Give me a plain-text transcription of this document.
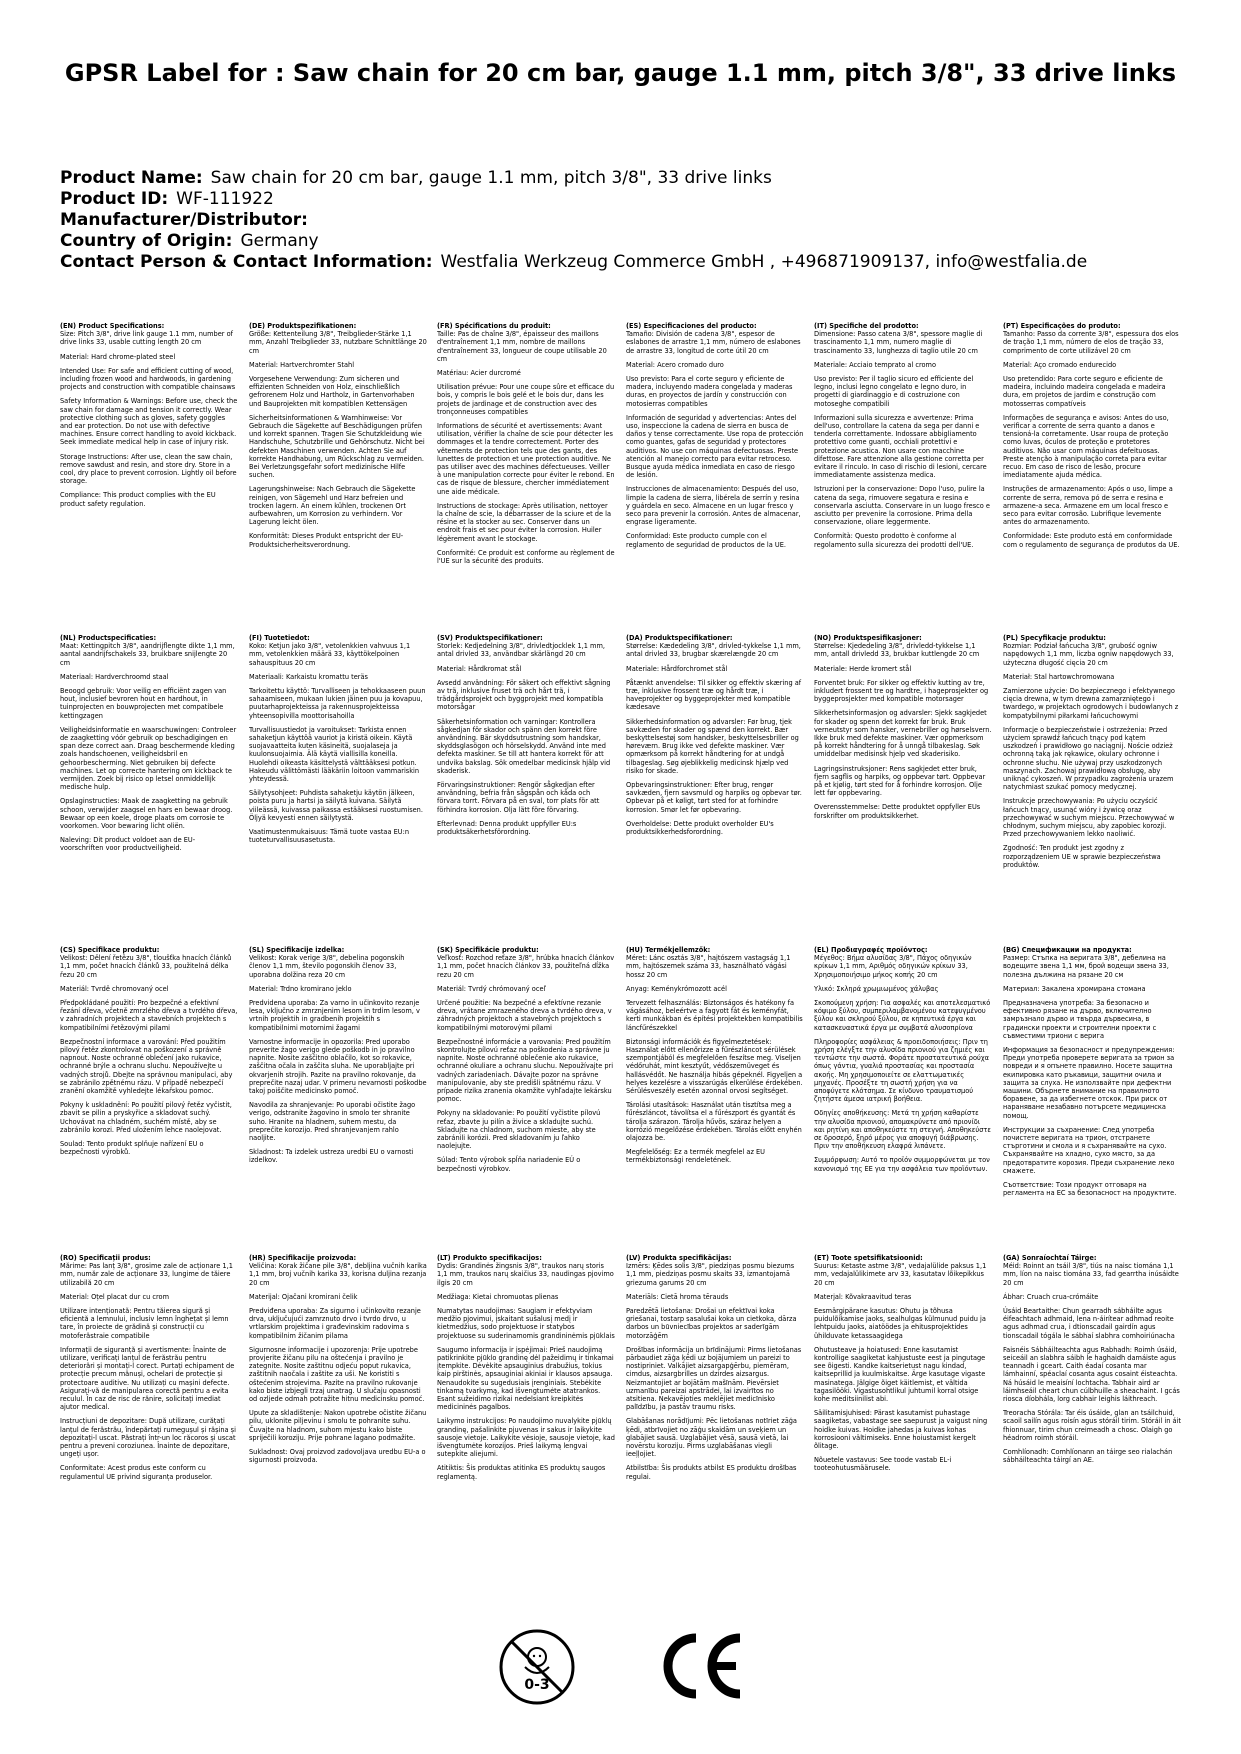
GPSR Label for : Saw chain for 20 cm bar, gauge 1.1 mm, pitch 3/8", 33 drive links
Product Name: Saw chain for 20 cm bar, gauge 1.1 mm, pitch 3/8", 33 drive links
Product ID: WF-111922
Manufacturer/Distributor:
Country of Origin: Germany
Contact Person & Contact Information: Westfalia Werkzeug Commerce GmbH , +496871909137, info@westfalia.de
(EN) Product Specifications:

Size: Pitch 3/8", drive link gauge 1.1 mm, number of drive links 33, usable cutting length 20 cm

Material: Hard chrome-plated steel

Intended Use: For safe and efficient cutting of wood, including frozen wood and hardwoods, in gardening projects and construction with compatible chainsaws

Safety Information & Warnings: Before use, check the saw chain for damage and tension it correctly. Wear protective clothing such as gloves, safety goggles and ear protection. Do not use with defective machines. Ensure correct handling to avoid kickback. Seek immediate medical help in case of injury risk.

Storage Instructions: After use, clean the saw chain, remove sawdust and resin, and store dry. Store in a cool, dry place to prevent corrosion. Lightly oil before storage.

Compliance: This product complies with the EU product safety regulation.

(DE) Produktspezifikationen:

Größe: Kettenteilung 3/8", Treibglieder-Stärke 1,1 mm, Anzahl Treibglieder 33, nutzbare Schnittlänge 20 cm

Material: Hartverchromter Stahl

Vorgesehene Verwendung: Zum sicheren und effizienten Schneiden von Holz, einschließlich gefrorenem Holz und Hartholz, in Gartenvorhaben und Bauprojekten mit kompatiblen Kettensägen

Sicherheitsinformationen & Warnhinweise: Vor Gebrauch die Sägekette auf Beschädigungen prüfen und korrekt spannen. Tragen Sie Schutzkleidung wie Handschuhe, Schutzbrille und Gehörschutz. Nicht bei defekten Maschinen verwenden. Achten Sie auf korrekte Handhabung, um Rückschlag zu vermeiden. Bei Verletzungsgefahr sofort medizinische Hilfe suchen.

Lagerungshinweise: Nach Gebrauch die Sägekette reinigen, von Sägemehl und Harz befreien und trocken lagern. An einem kühlen, trockenen Ort aufbewahren, um Korrosion zu verhindern. Vor Lagerung leicht ölen.

Konformität: Dieses Produkt entspricht der EU-Produktsicherheitsverordnung.

(FR) Spécifications du produit:

Taille: Pas de chaîne 3/8", épaisseur des maillons d'entraînement 1,1 mm, nombre de maillons d'entraînement 33, longueur de coupe utilisable 20 cm

Matériau: Acier durcromé

Utilisation prévue: Pour une coupe sûre et efficace du bois, y compris le bois gelé et le bois dur, dans les projets de jardinage et de construction avec des tronçonneuses compatibles

Informations de sécurité et avertissements: Avant utilisation, vérifier la chaîne de scie pour détecter les dommages et la tendre correctement. Porter des vêtements de protection tels que des gants, des lunettes de protection et une protection auditive. Ne pas utiliser avec des machines défectueuses. Veiller à une manipulation correcte pour éviter le rebond. En cas de risque de blessure, chercher immédiatement une aide médicale.

Instructions de stockage: Après utilisation, nettoyer la chaîne de scie, la débarrasser de la sciure et de la résine et la stocker au sec. Conserver dans un endroit frais et sec pour éviter la corrosion. Huiler légèrement avant le stockage.

Conformité: Ce produit est conforme au règlement de l'UE sur la sécurité des produits.

(ES) Especificaciones del producto:

Tamaño: División de cadena 3/8", espesor de eslabones de arrastre 1,1 mm, número de eslabones de arrastre 33, longitud de corte útil 20 cm

Material: Acero cromado duro

Uso previsto: Para el corte seguro y eficiente de madera, incluyendo madera congelada y maderas duras, en proyectos de jardín y construcción con motosierras compatibles

Información de seguridad y advertencias: Antes del uso, inspeccione la cadena de sierra en busca de daños y tense correctamente. Use ropa de protección como guantes, gafas de seguridad y protectores auditivos. No use con máquinas defectuosas. Preste atención al manejo correcto para evitar retroceso. Busque ayuda médica inmediata en caso de riesgo de lesión.

Instrucciones de almacenamiento: Después del uso, limpie la cadena de sierra, libérela de serrín y resina y guárdela en seco. Almacene en un lugar fresco y seco para prevenir la corrosión. Antes de almacenar, engrase ligeramente.

Conformidad: Este producto cumple con el reglamento de seguridad de productos de la UE.

(IT) Specifiche del prodotto:

Dimensione: Passo catena 3/8", spessore maglie di trascinamento 1,1 mm, numero maglie di trascinamento 33, lunghezza di taglio utile 20 cm

Materiale: Acciaio temprato al cromo

Uso previsto: Per il taglio sicuro ed efficiente del legno, inclusi legno congelato e legno duro, in progetti di giardinaggio e di costruzione con motoseghe compatibili

Informazioni sulla sicurezza e avvertenze: Prima dell'uso, controllare la catena da sega per danni e tenderla correttamente. Indossare abbigliamento protettivo come guanti, occhiali protettivi e protezione acustica. Non usare con macchine difettose. Fare attenzione alla gestione corretta per evitare il rinculo. In caso di rischio di lesioni, cercare immediatamente assistenza medica.

Istruzioni per la conservazione: Dopo l'uso, pulire la catena da sega, rimuovere segatura e resina e conservarla asciutta. Conservare in un luogo fresco e asciutto per prevenire la corrosione. Prima della conservazione, oliare leggermente.

Conformità: Questo prodotto è conforme al regolamento sulla sicurezza dei prodotti dell'UE.

(PT) Especificações do produto:

Tamanho: Passo da corrente 3/8", espessura dos elos de tração 1,1 mm, número de elos de tração 33, comprimento de corte utilizável 20 cm

Material: Aço cromado endurecido

Uso pretendido: Para corte seguro e eficiente de madeira, incluindo madeira congelada e madeira dura, em projetos de jardim e construção com motosserras compatíveis

Informações de segurança e avisos: Antes do uso, verificar a corrente de serra quanto a danos e tensioná-la corretamente. Usar roupa de proteção como luvas, óculos de proteção e protetores auditivos. Não usar com máquinas defeituosas. Preste atenção à manipulação correta para evitar recuo. Em caso de risco de lesão, procure imediatamente ajuda médica.

Instruções de armazenamento: Após o uso, limpe a corrente de serra, remova pó de serra e resina e armazene-a seca. Armazene em um local fresco e seco para evitar corrosão. Lubrifique levemente antes do armazenamento.

Conformidade: Este produto está em conformidade com o regulamento de segurança de produtos da UE.

(NL) Productspecificaties:

Maat: Kettingpitch 3/8", aandrijflengte dikte 1,1 mm, aantal aandrijfschakels 33, bruikbare snijlengte 20 cm

Materiaal: Hardverchroomd staal

Beoogd gebruik: Voor veilig en efficiënt zagen van hout, inclusief bevroren hout en hardhout, in tuinprojecten en bouwprojecten met compatibele kettingzagen

Veiligheidsinformatie en waarschuwingen: Controleer de zaagketting vóór gebruik op beschadigingen en span deze correct aan. Draag beschermende kleding zoals handschoenen, veiligheidsbril en gehoorbescherming. Niet gebruiken bij defecte machines. Let op correcte hantering om kickback te vermijden. Zoek bij risico op letsel onmiddellijk medische hulp.

Opslaginstructies: Maak de zaagketting na gebruik schoon, verwijder zaagsel en hars en bewaar droog. Bewaar op een koele, droge plaats om corrosie te voorkomen. Voor bewaring licht oliën.

Naleving: Dit product voldoet aan de EU-voorschriften voor productveiligheid.

(FI) Tuotetiedot:

Koko: Ketjun jako 3/8", vetolenkkien vahvuus 1,1 mm, vetolenkkien määrä 33, käyttökelpoinen sahauspituus 20 cm

Materiaali: Karkaistu kromattu teräs

Tarkoitettu käyttö: Turvalliseen ja tehokkaaseen puun sahaamiseen, mukaan lukien jäinen puu ja kovapuu, puutarhaprojekteissa ja rakennusprojekteissa yhteensopivilla moottorisahoilla

Turvallisuustiedot ja varoitukset: Tarkista ennen sahaketjun käyttöä vauriot ja kiristä oikein. Käytä suojavaatteita kuten käsineitä, suojalaseja ja kuulonsuojaimia. Älä käytä viallisilla koneilla. Huolehdi oikeasta käsittelystä välttääksesi potkun. Hakeudu välittömästi lääkäriin loitoon vammariskin yhteydessä.

Säilytysohjeet: Puhdista sahaketju käytön jälkeen, poista puru ja hartsi ja säilytä kuivana. Säilytä viileässä, kuivassa paikassa estääksesi ruostumisen. Öljyä kevyesti ennen säilytystä.

Vaatimustenmukaisuus: Tämä tuote vastaa EU:n tuoteturvallisuusasetusta.

(SV) Produktspecifikationer:

Storlek: Kedjedelning 3/8", drivledtjocklek 1,1 mm, antal drivled 33, användbar skärlängd 20 cm

Material: Hårdkromat stål

Avsedd användning: För säkert och effektivt sågning av trä, inklusive fruset trä och hårt trä, i trädgårdsprojekt och byggprojekt med kompatibla motorsågar

Säkerhetsinformation och varningar: Kontrollera sågkedjan för skador och spänn den korrekt före användning. Bär skyddsutrustning som handskar, skyddsglasögon och hörselskydd. Använd inte med defekta maskiner. Se till att hantera korrekt för att undvika bakslag. Sök omedelbar medicinsk hjälp vid skaderisk.

Förvaringsinstruktioner: Rengör sågkedjan efter användning, befria från sågspån och kåda och förvara torrt. Förvara på en sval, torr plats för att förhindra korrosion. Olja lätt före förvaring.

Efterlevnad: Denna produkt uppfyller EU:s produktsäkerhetsförordning.

(DA) Produktspecifikationer:

Størrelse: Kædedeling 3/8", drivled-tykkelse 1,1 mm, antal drivled 33, brugbar skærelængde 20 cm

Materiale: Hårdforchromet stål

Påtænkt anvendelse: Til sikker og effektiv skæring af træ, inklusive frossent træ og hårdt træ, i haveprojekter og byggeprojekter med kompatible kædesave

Sikkerhedsinformation og advarsler: Før brug, tjek savkæden for skader og spænd den korrekt. Bær beskyttelsestøj som handsker, beskyttelsesbriller og høreværn. Brug ikke ved defekte maskiner. Vær opmærksom på korrekt håndtering for at undgå tilbageslag. Søg øjeblikkelig medicinsk hjælp ved risiko for skade.

Opbevaringsinstruktioner: Efter brug, rengør savkæden, fjern savsmuld og harpiks og opbevar tør. Opbevar på et køligt, tørt sted for at forhindre korrosion. Smør let før opbevaring.

Overholdelse: Dette produkt overholder EU's produktsikkerhedsforordning.

(NO) Produktspesifikasjoner:

Størrelse: Kjededeling 3/8", drivledd-tykkelse 1,1 mm, antall drivledd 33, brukbar kuttlengde 20 cm

Materiale: Herde kromert stål

Forventet bruk: For sikker og effektiv kutting av tre, inkludert frossent tre og hardtre, i hageprosjekter og byggeprosjekter med kompatible motorsager

Sikkerhetsinformasjon og advarsler: Sjekk sagkjedet for skader og spenn det korrekt før bruk. Bruk verneutstyr som hansker, vernebriller og hørselsvern. Ikke bruk med defekte maskiner. Vær oppmerksom på korrekt håndtering for å unngå tilbakeslag. Søk umiddelbar medisinsk hjelp ved skaderisiko.

Lagringsinstruksjoner: Rens sagkjedet etter bruk, fjern sagflis og harpiks, og oppbevar tørt. Oppbevar på et kjølig, tørt sted for å forhindre korrosjon. Olje lett før oppbevaring.

Overensstemmelse: Dette produktet oppfyller EUs forskrifter om produktsikkerhet.

(PL) Specyfikacje produktu:

Rozmiar: Podział łańcucha 3/8", grubość ogniw napędowych 1,1 mm, liczba ogniw napędowych 33, użyteczna długość cięcia 20 cm

Materiał: Stal hartowchromowana

Zamierzone użycie: Do bezpiecznego i efektywnego cięcia drewna, w tym drewna zamarzniętego i twardego, w projektach ogrodowych i budowlanych z kompatybilnymi piłarkami łańcuchowymi

Informacje o bezpieczeństwie i ostrzeżenia: Przed użyciem sprawdź łańcuch tnący pod kątem uszkodzeń i prawidłowo go naciągnij. Noście odzież ochronną taką jak rękawice, okulary ochronne i ochronne słuchu. Nie używaj przy uszkodzonych maszynach. Zachowaj prawidłową obsługę, aby uniknąć cykoszeń. W przypadku zagrożenia urazem natychmiast szukać pomocy medycznej.

Instrukcje przechowywania: Po użyciu oczyścić łańcuch tnący, usunąć wióry i żywicę oraz przechowywać w suchym miejscu. Przechowywać w chłodnym, suchym miejscu, aby zapobiec korozji. Przed przechowywaniem lekko naoliwić.

Zgodność: Ten produkt jest zgodny z rozporządzeniem UE w sprawie bezpieczeństwa produktów.

(CS) Specifikace produktu:

Velikost: Dělení řetězu 3/8", tloušťka hnacích článků 1,1 mm, počet hnacích článků 33, použitelná délka řezu 20 cm

Materiál: Tvrdě chromovaný ocel

Předpokládané použití: Pro bezpečné a efektivní řezání dřeva, včetně zmrzlého dřeva a tvrdého dřeva, v zahradních projektech a stavebních projektech s kompatibilními řetězovými pilami

Bezpečnostní informace a varování: Před použitím pilový řetěz zkontrolovat na poškození a správně napnout. Noste ochranné oblečení jako rukavice, ochranné brýle a ochranu sluchu. Nepoužívejte u vadných strojů. Dbejte na správnou manipulaci, aby se zabránilo zpětnému rázu. V případě nebezpečí zranění okamžitě vyhledejte lékařskou pomoc.

Pokyny k uskladnění: Po použití pilový řetěz vyčistit, zbavit se pilin a pryskyřice a skladovat suchý. Uchovávat na chladném, suchém místě, aby se zabránilo korozi. Před uložením lehce naolejovat.

Soulad: Tento produkt splňuje nařízení EU o bezpečnosti výrobků.

(SL) Specifikacije izdelka:

Velikost: Korak verige 3/8", debelina pogonskih členov 1,1 mm, število pogonskih členov 33, uporabna dolžina reza 20 cm

Material: Trdno kromirano jeklo

Predvidena uporaba: Za varno in učinkovito rezanje lesa, vključno z zmrznjenim lesom in trdim lesom, v vrtnih projektih in gradbenih projektih s kompatibilnimi motornimi žagami

Varnostne informacije in opozorila: Pred uporabo preverite žago verigo glede poškodb in jo pravilno napnite. Nosite zaščitno oblačilo, kot so rokavice, zaščitna očala in zaščita sluha. Ne uporabljajte pri okvarjenih strojih. Pazite na pravilno rokovanje, da preprečite nazaj udar. V primeru nevarnosti poškodbe takoj poiščite medicinsko pomoč.

Navodila za shranjevanje: Po uporabi očistite žago verigo, odstranite žagovino in smolo ter shranite suho. Hranite na hladnem, suhem mestu, da preprečite korozijo. Pred shranjevanjem rahlo naoljite.

Skladnost: Ta izdelek ustreza uredbi EU o varnosti izdelkov.

(SK) Špecifikácie produktu:

Veľkosť: Rozchod reťaze 3/8", hrúbka hnacích článkov 1,1 mm, počet hnacích článkov 33, použiteľná dĺžka rezu 20 cm

Materiál: Tvrdý chrómovaný oceľ

Určené použitie: Na bezpečné a efektívne rezanie dreva, vrátane zmrazeného dreva a tvrdého dreva, v záhradných projektoch a stavebných projektoch s kompatibilnými motorovými pílami

Bezpečnostné informácie a varovania: Pred použitím skontrolujte pílovú reťaz na poškodenia a správne ju napnite. Noste ochranné oblečenie ako rukavice, ochranné okuliare a ochranu sluchu. Nepoužívajte pri vadných zariadeniach. Dávajte pozor na správne manipulovanie, aby ste predišli spätnému rázu. V prípade rizika zranenia okamžite vyhľadajte lekársku pomoc.

Pokyny na skladovanie: Po použití vyčistite pílovú reťaz, zbavte ju pilín a živice a skladujte suchú. Skladujte na chladnom, suchom mieste, aby ste zabránili korózii. Pred skladovaním ju ľahko naolejujte.

Súlad: Tento výrobok spĺňa nariadenie EÚ o bezpečnosti výrobkov.

(HU) Termékjellemzők:

Méret: Lánc osztás 3/8", hajtószem vastagság 1,1 mm, hajtószemek száma 33, használható vágási hossz 20 cm

Anyag: Keménykrómozott acél

Tervezett felhasználás: Biztonságos és hatékony fa vágásához, beleértve a fagyott fát és keményfát, kerti munkákban és építési projektekben kompatibilis láncfűrészekkel

Biztonsági információk és figyelmeztetések: Használat előtt ellenőrizze a fűrészláncot sérülések szempontjából és megfelelően feszítse meg. Viseljen védőruhát, mint kesztyűt, védőszemüveget és hallásvédőt. Ne használja hibás gépeknél. Figyeljen a helyes kezelésre a visszarúgás elkerülése érdekében. Sérülésveszély esetén azonnal orvosi segítséget.

Tárolási utasítások: Használat után tisztítsa meg a fűrészláncot, távolítsa el a fűrészport és gyantát és tárolja szárazon. Tárolja hűvös, száraz helyen a korrózió megelőzése érdekében. Tárolás előtt enyhén olajozza be.

Megfelelőség: Ez a termék megfelel az EU termékbiztonsági rendeletének.

(EL) Προδιαγραφές προϊόντος:

Μέγεθος: Βήμα αλυσίδας 3/8", Πάχος οδηγικών κρίκων 1,1 mm, Αριθμός οδηγικών κρίκων 33, Χρησιμοποιήσιμο μήκος κοπής 20 cm

Υλικό: Σκληρά χρωμιωμένος χάλυβας

Σκοπούμενη χρήση: Για ασφαλές και αποτελεσματικό κόψιμο ξύλου, συμπεριλαμβανομένου κατεψυγμένου ξύλου και σκληρού ξύλου, σε κηπευτικά έργα και κατασκευαστικά έργα με συμβατά αλυσοπρίονα

Πληροφορίες ασφάλειας & προειδοποιήσεις: Πριν τη χρήση ελέγξτε την αλυσίδα πριονιού για ζημιές και τεντώστε την σωστά. Φοράτε προστατευτικά ρούχα όπως γάντια, γυαλιά προστασίας και προστασία ακοής. Μη χρησιμοποιείτε σε ελαττωματικές μηχανές. Προσέξτε τη σωστή χρήση για να αποφύγετε κλότσημα. Σε κίνδυνο τραυματισμού ζητήστε άμεσα ιατρική βοήθεια.

Οδηγίες αποθήκευσης: Μετά τη χρήση καθαρίστε την αλυσίδα πριονιού, απομακρύνετε από πριονίδι και ρητίνη και αποθηκεύστε τη στεγνή. Αποθηκεύστε σε δροσερό, ξηρό μέρος για αποφυγή διάβρωσης. Πριν την αποθήκευση ελαφρά λιπάνετε.

Συμμόρφωση: Αυτό το προϊόν συμμορφώνεται με τον κανονισμό της ΕΕ για την ασφάλεια των προϊόντων.

(BG) Спецификации на продукта:

Размер: Стъпка на веригата 3/8", дебелина на водещите звена 1,1 мм, брой водещи звена 33, полезна дължина на рязане 20 см

Материал: Закалена хромирана стомана

Предназначена употреба: За безопасно и ефективно рязане на дърво, включително замръзнало дърво и твърда дървесина, в градински проекти и строителни проекти с съвместими триони с верига

Информация за безопасност и предупреждения: Преди употреба проверете веригата за трион за повреди и я опънете правилно. Носете защитна екипировка като ръкавици, защитни очила и защита за слуха. Не използвайте при дефектни машини. Обърнете внимание на правилното боравене, за да избегнете отскок. При риск от нараняване незабавно потърсете медицинска помощ.

Инструкции за съхранение: След употреба почистете веригата на трион, отстранете стърготини и смола и я съхранявайте на сухо. Съхранявайте на хладно, сухо място, за да предотвратите корозия. Преди съхранение леко смажете.

Съответствие: Този продукт отговаря на регламента на ЕС за безопасност на продуктите.

(RO) Specificații produs:

Mărime: Pas lanț 3/8", grosime zale de acționare 1,1 mm, număr zale de acționare 33, lungime de tăiere utilizabilă 20 cm

Material: Oțel placat dur cu crom

Utilizare intenționată: Pentru tăierea sigură și eficientă a lemnului, inclusiv lemn înghețat și lemn tare, în proiecte de grădină și construcții cu motoferăstraie compatibile

Informații de siguranță și avertismente: Înainte de utilizare, verificați lanțul de ferăstrău pentru deteriorări și montați-l corect. Purtați echipament de protecție precum mănuși, ochelari de protecție și protectoare auditive. Nu utilizați cu mașini defecte. Asigurați-vă de manipularea corectă pentru a evita reculul. În caz de risc de rănire, solicitați imediat ajutor medical.

Instrucțiuni de depozitare: După utilizare, curățați lanțul de ferăstrău, îndepărtați rumegușul și rășina și depozitați-l uscat. Păstrați într-un loc răcoros și uscat pentru a preveni coroziunea. Înainte de depozitare, ungeți ușor.

Conformitate: Acest produs este conform cu regulamentul UE privind siguranța produselor.

(HR) Specifikacije proizvoda:

Veličina: Korak žičane pile 3/8", debljina vučnih karika 1,1 mm, broj vučnih karika 33, korisna duljina rezanja 20 cm

Materijal: Ojačani kromirani čelik

Predviđena uporaba: Za sigurno i učinkovito rezanje drva, uključujući zamrznuto drvo i tvrdo drvo, u vrtlarskim projektima i građevinskim radovima s kompatibilnim žičanim pilama

Sigurnosne informacije i upozorenja: Prije upotrebe provjerite žičanu pilu na oštećenja i pravilno je zategnite. Nosite zaštitnu odjeću poput rukavica, zaštitnih naočala i zaštite za uši. Ne koristiti s oštećenim strojevima. Pazite na pravilno rukovanje kako biste izbjegli trzaj unatrag. U slučaju opasnosti od ozljede odmah potražite hitnu medicinsku pomoć.

Upute za skladištenje: Nakon upotrebe očistite žičanu pilu, uklonite piljevinu i smolu te pohranite suhu. Čuvajte na hladnom, suhom mjestu kako biste spriječili koroziju. Prije pohrane lagano podmažite.

Sukladnost: Ovaj proizvod zadovoljava uredbu EU-a o sigurnosti proizvoda.

(LT) Produkto specifikacijos:

Dydis: Grandinės žingsnis 3/8", traukos narų storis 1,1 mm, traukos narų skaičius 33, naudingas pjovimo ilgis 20 cm

Medžiaga: Kietai chromuotas plienas

Numatytas naudojimas: Saugiam ir efektyviam medžio pjovimui, įskaitant sušalusį medį ir kietmedžius, sodo projektuose ir statybos projektuose su suderinamomis grandininėmis pjūklais

Saugumo informacija ir įspėjimai: Prieš naudojimą patikrinkite pjūklo grandinę dėl pažeidimų ir tinkamai įtempkite. Dėvėkite apsauginius drabužius, tokius kaip pirštinės, apsauginiai akiniai ir klausos apsauga. Nenaudokite su sugedusiais įrenginiais. Stebėkite tinkamą tvarkymą, kad išvengtumėte atatrankos. Esant sužeidimo rizikai nedelsiant kreipkitės medicininės pagalbos.

Laikymo instrukcijos: Po naudojimo nuvalykite pjūklų grandinę, pašalinkite pjuvenas ir sakus ir laikykite sausoje vietoje. Laikykite vėsioje, sausoje vietoje, kad išvengtumėte korozijos. Prieš laikymą lengvai sutepkite aliejumi.

Atitiktis: Šis produktas atitinka ES produktų saugos reglamentą.

(LV) Produkta specifikācijas:

Izmērs: Ķēdes solis 3/8", piedziņas posmu biezums 1,1 mm, piedziņas posmu skaits 33, izmantojamā griezuma garums 20 cm

Materiāls: Cietā hroma tērauds

Paredzētā lietošana: Drošai un efektīvai koka griešanai, tostarp sasalušai koka un cietkoka, dārza darbos un būvniecības projektos ar saderīgām motorzāģēm

Drošības informācija un brīdinājumi: Pirms lietošanas pārbaudiet zāģa ķēdi uz bojājumiem un pareizi to nostipriniet. Valkājiet aizsargapģērbu, piemēram, cimdus, aizsargbrilles un dzirdes aizsargus. Neizmantojiet ar bojātām mašīnām. Pievērsiet uzmanību pareizai apstrādei, lai izvairītos no atsitiena. Nekavējoties meklējiet medicīnisko palīdzību, ja pastāv traumu risks.

Glabāšanas norādījumi: Pēc lietošanas notīriet zāģa ķēdi, atbrīvojiet no zāģu skaidām un sveķiem un glabājiet sausā. Uzglabājiet vēsā, sausā vietā, lai novērstu koroziju. Pirms uzglabāšanas viegli ieeļļojiet.

Atbilstība: Šis produkts atbilst ES produktu drošības regulai.

(ET) Toote spetsifikatsioonid:

Suurus: Ketaste astme 3/8", vedajalülide paksus 1,1 mm, vedajalülikimete arv 33, kasutatav lõikepikkus 20 cm

Materjal: Kõvakraavitud teras

Eesmärgipärane kasutus: Ohutu ja tõhusa puidulõikamise jaoks, sealhulgas külmunud puidu ja lehtpuidu jaoks, aiatöödes ja ehitusprojektides ühilduvate ketassaagidega

Ohutusteave ja hoiatused: Enne kasutamist kontrollige saagiketat kahjustuste eest ja pingutage see õigesti. Kandke kaitserietust nagu kindad, kaitseprillid ja kuulmiskaitse. Ärge kasutage vigaste masinatega. Jälgige õiget käitlemist, et vältida tagasilööki. Vigastusohtlikul juhtumil korral otsige kohe meditsiinilist abi.

Säilitamisjuhised: Pärast kasutamist puhastage saagiketas, vabastage see saepurust ja vaigust ning hoidke kuivas. Hoidke jahedas ja kuivas kohas korrosiooni vältimiseks. Enne hoiustamist kergelt õlitage.

Nõuetele vastavus: See toode vastab EL-i tooteohutusmäärusele.

(GA) Sonraíochtaí Táirge:

Méid: Roinnt an tsáil 3/8", tiús na naisc tiomána 1,1 mm, líon na naisc tiomána 33, fad gearrtha inúsáidte 20 cm

Ábhar: Cruach crua-crómáite

Úsáid Beartaithe: Chun gearradh sábháilte agus éifeachtach adhmaid, lena n-áirítear adhmad reoite agus adhmad crua, i dtionscadail gairdín agus tionscadail tógála le sábhaí slabhra comhoiriúnacha

Faisnéis Sábháilteachta agus Rabhadh: Roimh úsáid, seiceáil an slabhra sáibh le haghaidh damáiste agus teannadh i gceart. Caith éadaí cosanta mar lámhainní, spéaclaí cosanta agus cosaint éisteachta. Ná húsáid le meaisíní lochtacha. Tabhair aird ar láimhseáil cheart chun cúlbhuille a sheachaint. I gcás riosca díobhála, lorg cabhair leighis láithreach.

Treoracha Stórála: Tar éis úsáide, glan an tsáilchuid, scaoil sailín agus roisín agus stóráil tirim. Stóráil in áit fhionnuar, tirim chun creimeadh a chosc. Olaigh go héadrom roimh stóráil.

Comhlíonadh: Comhlíonann an táirge seo rialachán sábháilteachta táirgí an AE.

0-3
